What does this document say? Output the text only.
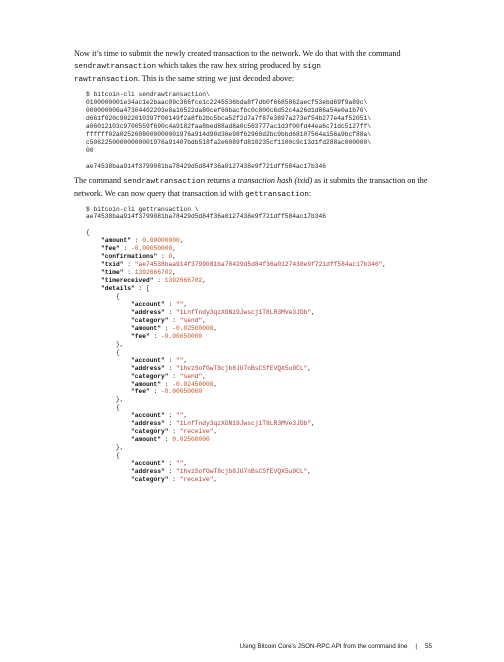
Now it’s time to submit the newly created transaction to the network. We do that with the command sendrawtransaction which takes the raw hex string produced by sign
rawtransaction. This is the same string we just decoded above:

$ bitcoin-cli sendrawtransaction\
0100000001e34ac1e2baac09c366fce1c2245536bda8f7db0f6685862aecf53ebd69f9a89c\
000000006a47304402203e8a16522da80cef66bacfbc0c800c6d52c4a26d1d86a54e0a1b76\
d661f020c9022010397f00149f2a8fb2bc5bca52f2d7a7f87e3897a273ef54b277e4af52051\
a06012103c9700559f690c4a9182faa8bed88ad8a0c563777ac1d3f00fd44ea6c71dc5127ff\
ffffff02a0252608000000001976a914d90d36e98f62968d2bc9bbd68107564a156a9bcf88a\
c50622500000000001976a91407bdb518fa2e6089fd810235cf1100c9c13d1fd288ac000000\
00

ae74538baa914f3799081ba78429d5d84f36a0127438e9f721dff584ac17b346

The command sendrawtransaction returns a transaction hash (txid) as it submits the transaction on the network. We can now query that transaction id with gettransaction:

$ bitcoin-cli gettransaction \
ae74538baa914f3799081ba78429d5d84f36a0127438e9f721dff584ac17b346

{
"amount" : 0.00000000,
"fee" : -0.00050000,
"confirmations" : 0,
"txid" : "ae74538baa914f3799081ba78429d5d84f36a0127438e9f721dff584ac17b346",
"time" : 1392666702,
"timereceived" : 1392666702,
"details" : [
{
"account" : "",
"address" : "1LnfTndy3qzXGN19Jwscj1T8LR3MVe3JDb",
"category" : "send",
"amount" : -0.02500000,
"fee" : -0.00050000
},
{
"account" : "",
"address" : "1hvzSofGwT8cjb8JU7nBsCSfEVQX5u9CL",
"category" : "send",
"amount" : -0.02450000,
"fee" : -0.00050000
},
{
"account" : "",
"address" : "1LnfTndy3qzXGN19Jwscj1T8LR3MVe3JDb",
"category" : "receive",
"amount" : 0.02500000
},
{
"account" : "",
"address" : "1hvzSofGwT8cjb8JU7nBsCSfEVQX5u9CL",
"category" : "receive",
Using Bitcoin Core’s JSON-RPC API from the command line | 55
